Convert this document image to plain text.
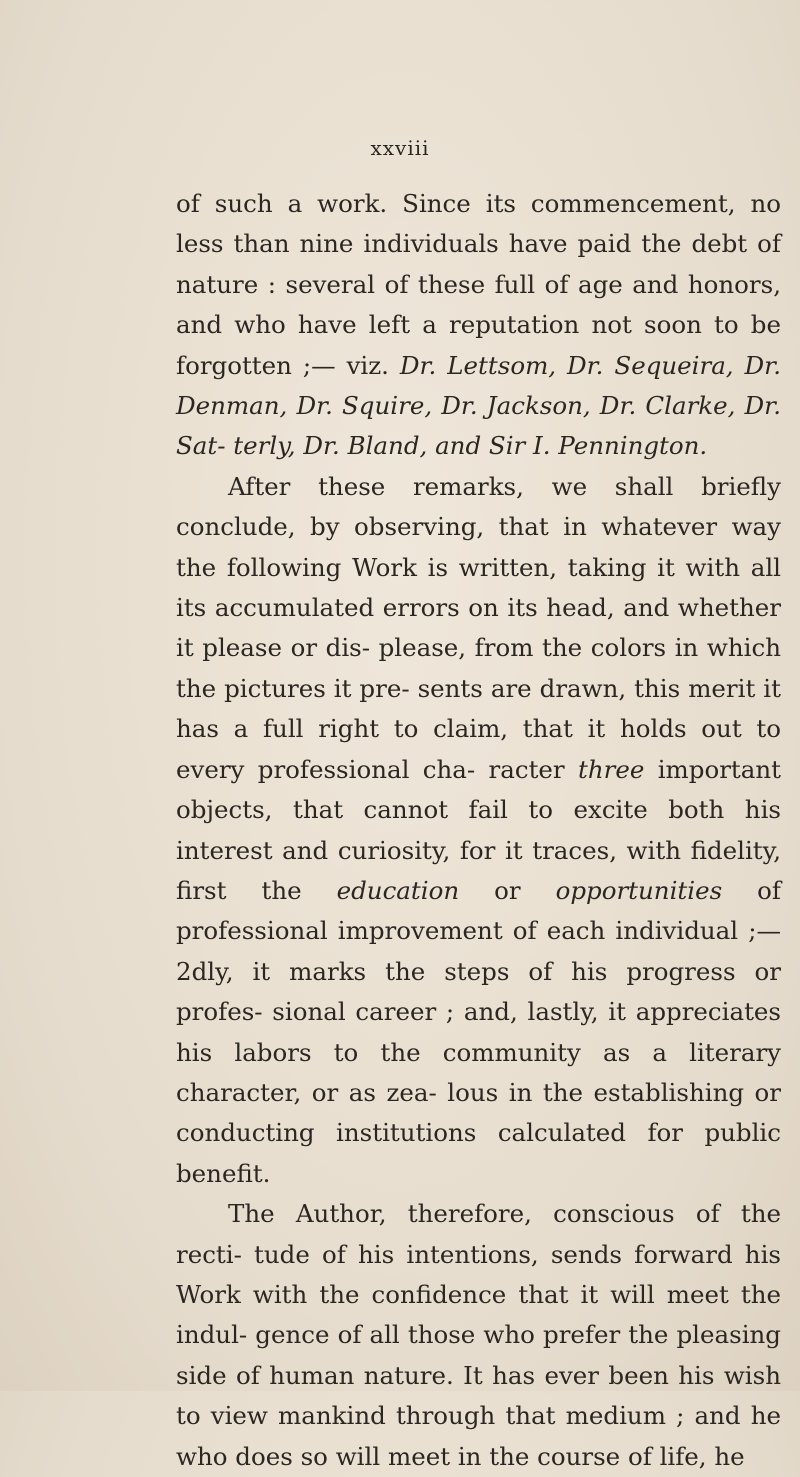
xxviii

of such a work. Since its commencement, no less than nine individuals have paid the debt of nature : several of these full of age and honors, and who have left a reputation not soon to be forgotten ;— viz. Dr. Lettsom, Dr. Sequeira, Dr. Denman, Dr. Squire, Dr. Jackson, Dr. Clarke, Dr. Sat- terly, Dr. Bland, and Sir I. Pennington.

After these remarks, we shall briefly conclude, by observing, that in whatever way the following Work is written, taking it with all its accumulated errors on its head, and whether it please or dis- please, from the colors in which the pictures it pre- sents are drawn, this merit it has a full right to claim, that it holds out to every professional cha- racter three important objects, that cannot fail to excite both his interest and curiosity, for it traces, with fidelity, first the education or opportunities of professional improvement of each individual ;— 2dly, it marks the steps of his progress or profes- sional career ; and, lastly, it appreciates his labors to the community as a literary character, or as zea- lous in the establishing or conducting institutions calculated for public benefit.

The Author, therefore, conscious of the recti- tude of his intentions, sends forward his Work with the confidence that it will meet the indul- gence of all those who prefer the pleasing side of human nature. It has ever been his wish to view mankind through that medium ; and he who does so will meet in the course of life, he
